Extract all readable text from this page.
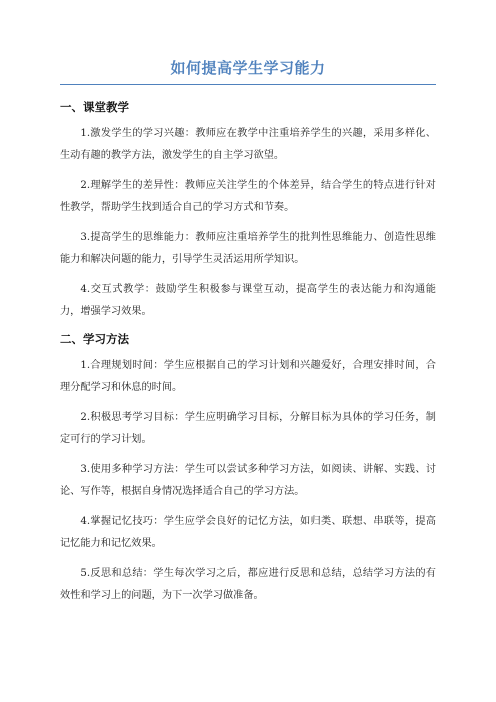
如何提高学生学习能力
一、课堂教学

1.激发学生的学习兴趣：教师应在教学中注重培养学生的兴趣，采用多样化、生动有趣的教学方法，激发学生的自主学习欲望。

2.理解学生的差异性：教师应关注学生的个体差异，结合学生的特点进行针对性教学，帮助学生找到适合自己的学习方式和节奏。

3.提高学生的思维能力：教师应注重培养学生的批判性思维能力、创造性思维能力和解决问题的能力，引导学生灵活运用所学知识。

4.交互式教学：鼓励学生积极参与课堂互动，提高学生的表达能力和沟通能力，增强学习效果。

二、学习方法

1.合理规划时间：学生应根据自己的学习计划和兴趣爱好，合理安排时间，合理分配学习和休息的时间。

2.积极思考学习目标：学生应明确学习目标，分解目标为具体的学习任务，制定可行的学习计划。

3.使用多种学习方法：学生可以尝试多种学习方法，如阅读、讲解、实践、讨论、写作等，根据自身情况选择适合自己的学习方法。

4.掌握记忆技巧：学生应学会良好的记忆方法，如归类、联想、串联等，提高记忆能力和记忆效果。

5.反思和总结：学生每次学习之后，都应进行反思和总结，总结学习方法的有效性和学习上的问题，为下一次学习做准备。
